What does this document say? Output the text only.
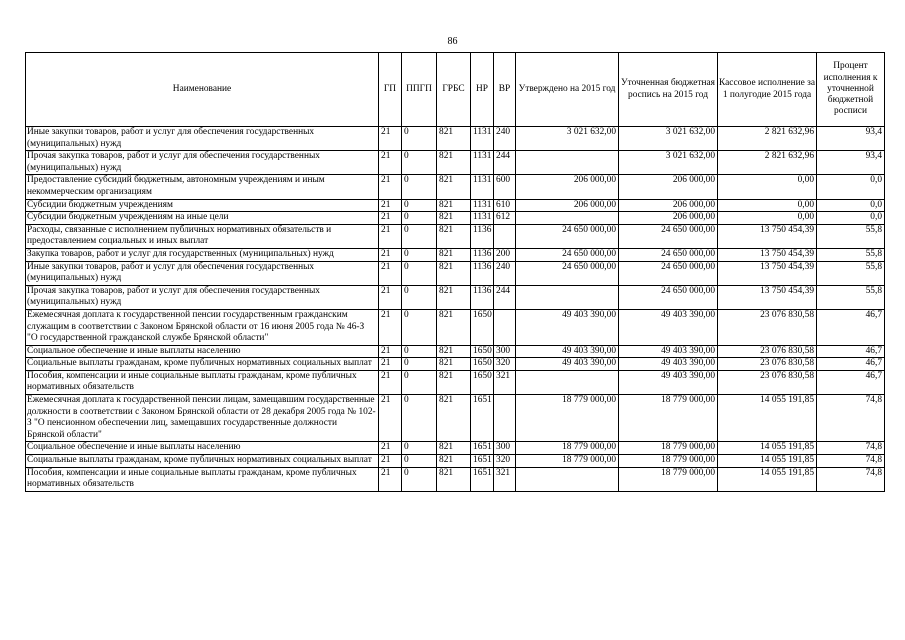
86
Наименование	ГП	ППГП	ГРБС	НР	ВР	Утверждено на 2015 год	Уточненная бюджетная роспись на 2015 год	Кассовое исполнение за 1 полугодие 2015 года	Процент исполнения к уточненной бюджетной росписи
Иные закупки товаров, работ и услуг для обеспечения государственных (муниципальных) нужд	21	0	821	1131	240	3 021 632,00	3 021 632,00	2 821 632,96	93,4
Прочая закупка товаров, работ и услуг для обеспечения государственных (муниципальных) нужд	21	0	821	1131	244		3 021 632,00	2 821 632,96	93,4
Предоставление субсидий бюджетным, автономным учреждениям и иным некоммерческим организациям	21	0	821	1131	600	206 000,00	206 000,00	0,00	0,0
Субсидии бюджетным учреждениям	21	0	821	1131	610	206 000,00	206 000,00	0,00	0,0
Субсидии бюджетным учреждениям на иные цели	21	0	821	1131	612		206 000,00	0,00	0,0
Расходы, связанные с исполнением публичных нормативных обязательств и предоставлением социальных и иных выплат	21	0	821	1136		24 650 000,00	24 650 000,00	13 750 454,39	55,8
Закупка товаров, работ и услуг для государственных (муниципальных) нужд	21	0	821	1136	200	24 650 000,00	24 650 000,00	13 750 454,39	55,8
Иные закупки товаров, работ и услуг для обеспечения государственных (муниципальных) нужд	21	0	821	1136	240	24 650 000,00	24 650 000,00	13 750 454,39	55,8
Прочая закупка товаров, работ и услуг для обеспечения государственных (муниципальных) нужд	21	0	821	1136	244		24 650 000,00	13 750 454,39	55,8
Ежемесячная доплата к государственной пенсии государственным гражданским служащим в соответствии с Законом Брянской области от 16 июня 2005 года № 46-З "О государственной гражданской службе Брянской области"	21	0	821	1650		49 403 390,00	49 403 390,00	23 076 830,58	46,7
Социальное обеспечение и иные выплаты населению	21	0	821	1650	300	49 403 390,00	49 403 390,00	23 076 830,58	46,7
Социальные выплаты гражданам, кроме публичных нормативных социальных выплат	21	0	821	1650	320	49 403 390,00	49 403 390,00	23 076 830,58	46,7
Пособия, компенсации и иные социальные выплаты гражданам, кроме публичных нормативных обязательств	21	0	821	1650	321		49 403 390,00	23 076 830,58	46,7
Ежемесячная доплата к государственной пенсии лицам, замещавшим государственные должности в соответствии с Законом Брянской области от 28 декабря 2005 года № 102-З "О пенсионном обеспечении лиц, замещавших государственные должности Брянской области"	21	0	821	1651		18 779 000,00	18 779 000,00	14 055 191,85	74,8
Социальное обеспечение и иные выплаты населению	21	0	821	1651	300	18 779 000,00	18 779 000,00	14 055 191,85	74,8
Социальные выплаты гражданам, кроме публичных нормативных социальных выплат	21	0	821	1651	320	18 779 000,00	18 779 000,00	14 055 191,85	74,8
Пособия, компенсации и иные социальные выплаты гражданам, кроме публичных нормативных обязательств	21	0	821	1651	321		18 779 000,00	14 055 191,85	74,8
